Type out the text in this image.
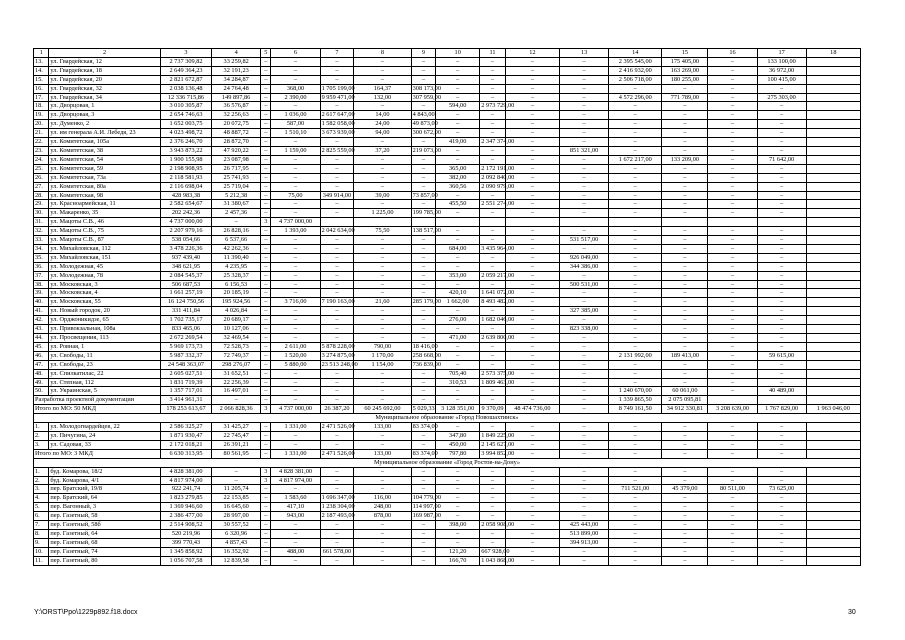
1	2	3	4	5	6	7	8	9	10	11	12	13	14	15	16	17	18
13.	ул. Гвардейская, 12	2 737 309,82	33 259,82	–	–	–	–	–	–	–	–	–	2 395 545,00	175 405,00	–	133 100,00	
14.	ул. Гвардейская, 18	2 649 364,23	32 191,23	–	–	–	–	–	–	–	–	–	2 416 932,00	163 269,00	–	36 972,00	
15.	ул. Гвардейская, 20	2 821 672,87	34 284,87	–	–	–	–	–	–	–	–	–	2 506 718,00	180 255,00	–	100 415,00	
16.	ул. Гвардейская, 32	2 038 136,48	24 764,48	–	368,00	1 705 199,00	164,37	308 173,00	–	–	–	–	–	–	–	–	
17.	ул. Гвардейская, 34	12 336 715,86	149 897,86	–	2 390,00	9 959 471,00	132,00	307 959,00	–	–	–	–	4 572 296,00	771 789,00	–	275 303,00	
18.	ул. Дворцовая, 1	3 010 305,87	36 576,87	–	–	–	–	–	594,00	2 973 729,00	–	–	–	–	–	–	
19.	ул. Дворцовая, 3	2 654 746,63	32 256,63	–	1 036,00	2 617 647,00	14,00	4 843,00	–	–	–	–	–	–	–	–	
20.	ул. Думенко, 2	1 652 003,75	20 072,75	–	587,00	1 582 058,00	24,00	49 873,00	–	–	–	–	–	–	–	–	
21.	ул. им генерала А.И. Лебедя, 23	4 023 498,72	48 887,72	–	1 510,10	3 673 939,00	94,00	300 672,00	–	–	–	–	–	–	–	–	
22.	ул. Комитетская, 105а	2 376 246,70	28 872,70	–	–	–	–	–	419,00	2 347 374,00	–	–	–	–	–	–	
23.	ул. Комитетская, 38	3 943 873,22	47 920,22	–	1 159,00	2 825 559,00	37,20	219 073,00	–	–	–	851 321,00	–	–	–	–	
24.	ул. Комитетская, 54	1 900 155,98	23 087,98	–	–	–	–	–	–	–	–	–	1 672 217,00	133 209,00	–	71 642,00	
25.	ул. Комитетская, 59	2 198 908,95	26 717,95	–	–	–	–	–	365,00	2 172 191,00	–	–	–	–	–	–	
26.	ул. Комитетская, 73а	2 118 581,93	25 741,93	–	–	–	–	–	382,00	2 092 840,00	–	–	–	–	–	–	
27.	ул. Комитетская, 80а	2 116 698,04	25 719,04	–	–	–	–	–	360,56	2 090 979,00	–	–	–	–	–	–	
28.	ул. Комитетская, 98	428 983,38	5 212,38	–	75,00	349 914,00	39,00	73 857,00	–	–	–	–	–	–	–	–	
29.	ул. Красноармейская, 11	2 582 654,67	31 380,67	–	–	–	–	–	455,50	2 551 274,00	–	–	–	–	–	–	
30.	ул. Макаренко, 35	202 242,36	2 457,36	–	–	–	1 225,00	199 785,00	–	–	–	–	–	–	–	–	
31.	ул. Мацоты С.В., 46	4 737 000,00	–	3	4 737 000,00												
32.	ул. Мацоты С.В., 75	2 207 979,16	26 828,16	–	1 393,00	2 042 634,00	75,50	138 517,00	–	–	–	–	–	–	–	–	
33.	ул. Мацоты С.В., 87	538 054,66	6 537,66	–	–	–	–	–	–	–	–	531 517,00	–	–	–	–	
34.	ул. Михайловская, 112	3 478 226,36	42 262,36	–	–	–	–	–	684,00	3 435 964,00	–	–	–	–	–	–	
35.	ул. Михайловская, 151	937 439,40	11 390,40	–	–	–	–	–	–	–	–	926 049,00	–	–	–	–	
36.	ул. Молодежная, 45	348 621,95	4 235,95	–	–	–	–	–	–	–	–	344 386,00	–	–	–	–	
37.	ул. Молодежная, 78	2 084 545,37	25 328,37	–	–	–	–	–	353,00	2 059 217,00	–	–	–	–	–	–	
38.	ул. Московская, 3	506 687,53	6 156,53	–	–	–	–	–	–	–	–	500 531,00	–	–	–	–	
39.	ул. Московская, 4	1 661 257,19	20 185,19	–	–	–	–	–	420,10	1 641 072,00	–	–	–	–	–	–	
40.	ул. Московская, 55	16 124 750,56	195 924,56	–	3 716,00	7 190 163,00	21,60	285 179,00	1 662,00	8 493 482,00	–	–	–	–	–	–	
41.	ул. Новый городок, 20	331 411,84	4 026,84	–	–	–	–	–	–	–	–	327 385,00	–	–	–	–	
42.	ул. Орджоникидзе, 65	1 702 735,17	20 689,17	–	–	–	–	–	276,00	1 682 046,00	–	–	–	–	–	–	
43.	ул. Привокзальная, 108а	833 465,06	10 127,06	–	–	–	–	–	–	–	–	823 338,00	–	–	–	–	
44.	ул. Просвещения, 113	2 672 269,54	32 469,54	–	–	–	–	–	471,00	2 639 800,00	–	–	–	–	–	–	
45.	ул. Ровная, 1	5 969 173,73	72 528,73	–	2 611,00	5 878 228,00	790,00	18 416,00	–	–	–	–	–	–	–	–	
46.	ул. Свободы, 11	5 987 332,37	72 749,37	–	1 520,00	3 274 875,00	1 170,00	258 668,00	–	–	–	–	2 131 992,00	189 413,00	–	59 615,00	
47.	ул. Свободы, 23	24 548 363,07	298 276,07	–	5 880,00	23 513 248,00	1 154,00	736 839,00	–	–	–	–	–	–	–	–	
48.	ул. Спилкатилас, 22	2 605 027,51	31 652,51	–	–	–	–	–	705,40	2 573 375,00	–	–	–	–	–	–	
49.	ул. Степная, 112	1 831 719,39	22 256,39	–	–	–	–	–	310,53	1 809 463,00	–	–	–	–	–	–	
50.	ул. Украинская, 5	1 357 717,01	16 497,01	–	–	–	–	–	–	–	–	–	1 240 670,00	60 061,00	–	40 489,00	
Разработка проектной документации		3 414 961,31	–	–	–	–	–	–	–	–	–	–	1 339 865,50	2 075 095,81			
Итого по МО: 50 МКД		178 253 613,67	2 066 828,36	3	4 737 000,00	26 387,20	60 245 692,00	5 029,33	3 128 351,00	9 370,09	48 474 736,00	–	8 749 161,50	34 912 330,81	3 208 639,00	1 767 829,00	1 963 046,00
Муниципальное образование «Город Новошахтинск»																	
1.	ул. Молодогвардейцев, 22	2 586 325,27	31 425,27	–	1 331,00	2 471 526,00	133,00	83 374,00	–	–	–	–	–	–	–	–	
2.	ул. Пичугина, 24	1 871 930,47	22 745,47	–	–	–	–	–	347,80	1 849 225,00	–	–	–	–	–	–	
3.	ул. Садовая, 33	2 172 018,21	26 391,21	–	–	–	–	–	450,00	2 145 627,00	–	–	–	–	–	–	
Итого по МО: 3 МКД		6 630 313,95	80 561,95	–	1 331,00	2 471 526,00	133,00	83 374,00	797,80	3 994 852,00	–	–	–	–	–	–	
Муниципальное образование «Город Ростов-на-Дону»																	
1.	буд. Комарова, 18/2	4 828 381,00	–	3	4 828 381,00	–	–	–	–	–	–	–	–	–	–	–	
2.	буд. Комарова, 4/1	4 817 974,00	–	3	4 817 974,00	–	–	–	–	–	–	–	–	–	–	–	
3.	пер. Братский, 19/8	922 241,74	11 205,74	–	–	–	–	–	–	–	–	–	711 521,00	45 379,00	80 511,00	73 625,00	
4.	пер. Братский, 64	1 823 279,85	22 153,85	–	1 583,60	1 696 347,00	116,00	104 779,00	–	–	–	–	–	–	–	–	
5.	пер. Вагонный, 3	1 369 946,60	16 645,60	–	417,10	1 238 304,00	248,00	114 997,00	–	–	–	–	–	–	–	–	
6.	пер. Газетный, 58	2 386 477,00	28 997,00	–	943,00	2 187 493,00	878,00	169 987,00	–	–	–	–	–	–	–	–	
7.	пер. Газетный, 58б	2 514 908,52	30 557,52	–	–	–	–	–	398,00	2 058 908,00	–	425 443,00	–	–	–	–	
8.	пер. Газетный, 64	520 219,96	6 320,96	–	–	–	–	–	–	–	–	513 899,00	–	–	–	–	
9.	пер. Газетный, 68	399 770,43	4 857,43	–	–	–	–	–	–	–	–	394 913,00	–	–	–	–	
10.	пер. Газетный, 74	1 345 858,92	16 352,92	–	488,00	661 578,00	–	–	121,20	667 928,00	–	–	–	–	–	–	
11.	пер. Газетный, 80	1 056 707,58	12 839,58	–	–	–	–	–	166,70	1 043 868,00	–	–	–	–	–	–	
Y:\ORST\Ppo\1229p892.f18.docx	30
